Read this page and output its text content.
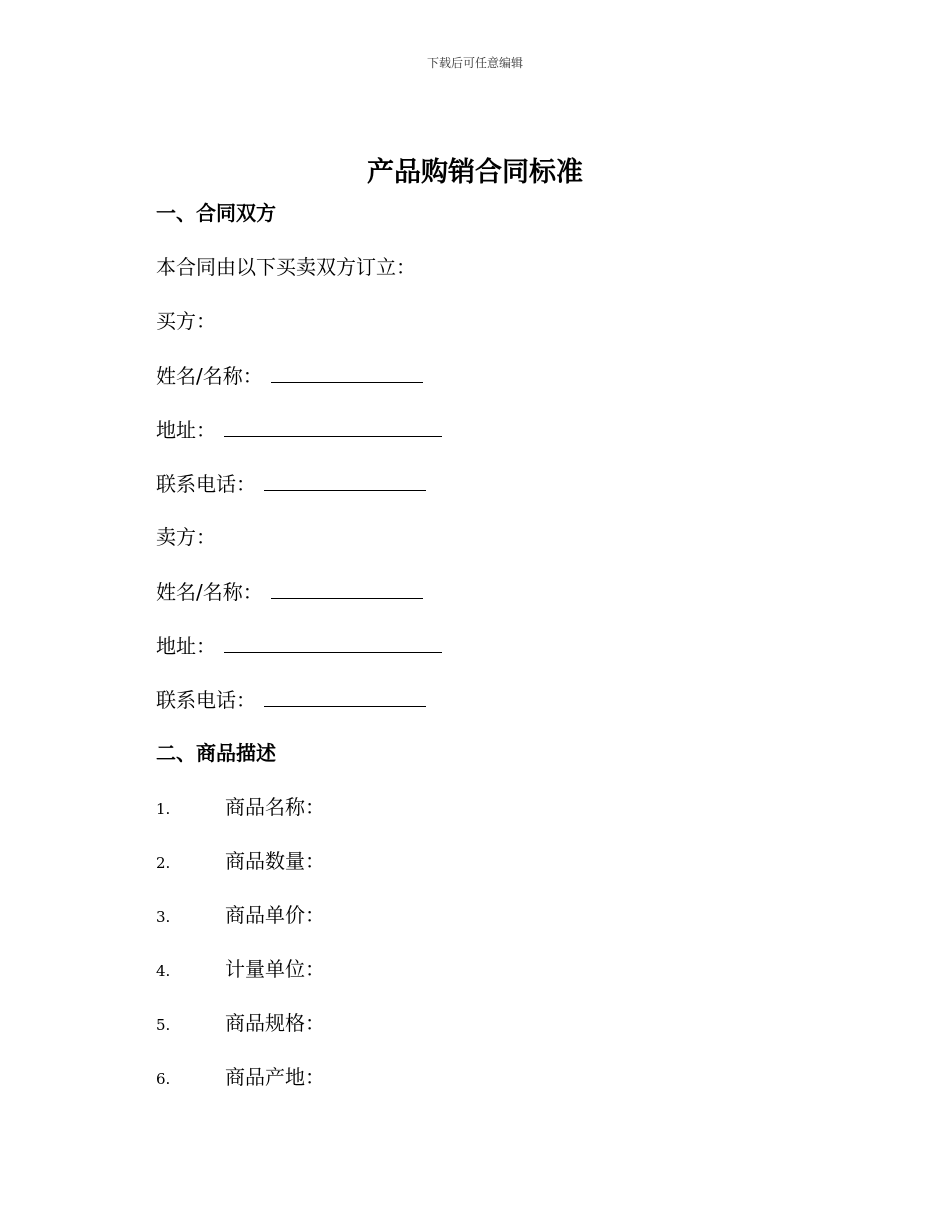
下载后可任意编辑
产品购销合同标准
一、合同双方
本合同由以下买卖双方订立：
买方：
姓名/名称：
地址：
联系电话：
卖方：
姓名/名称：
地址：
联系电话：
二、商品描述
1.	商品名称：
2.	商品数量：
3.	商品单价：
4.	计量单位：
5.	商品规格：
6.	商品产地：
